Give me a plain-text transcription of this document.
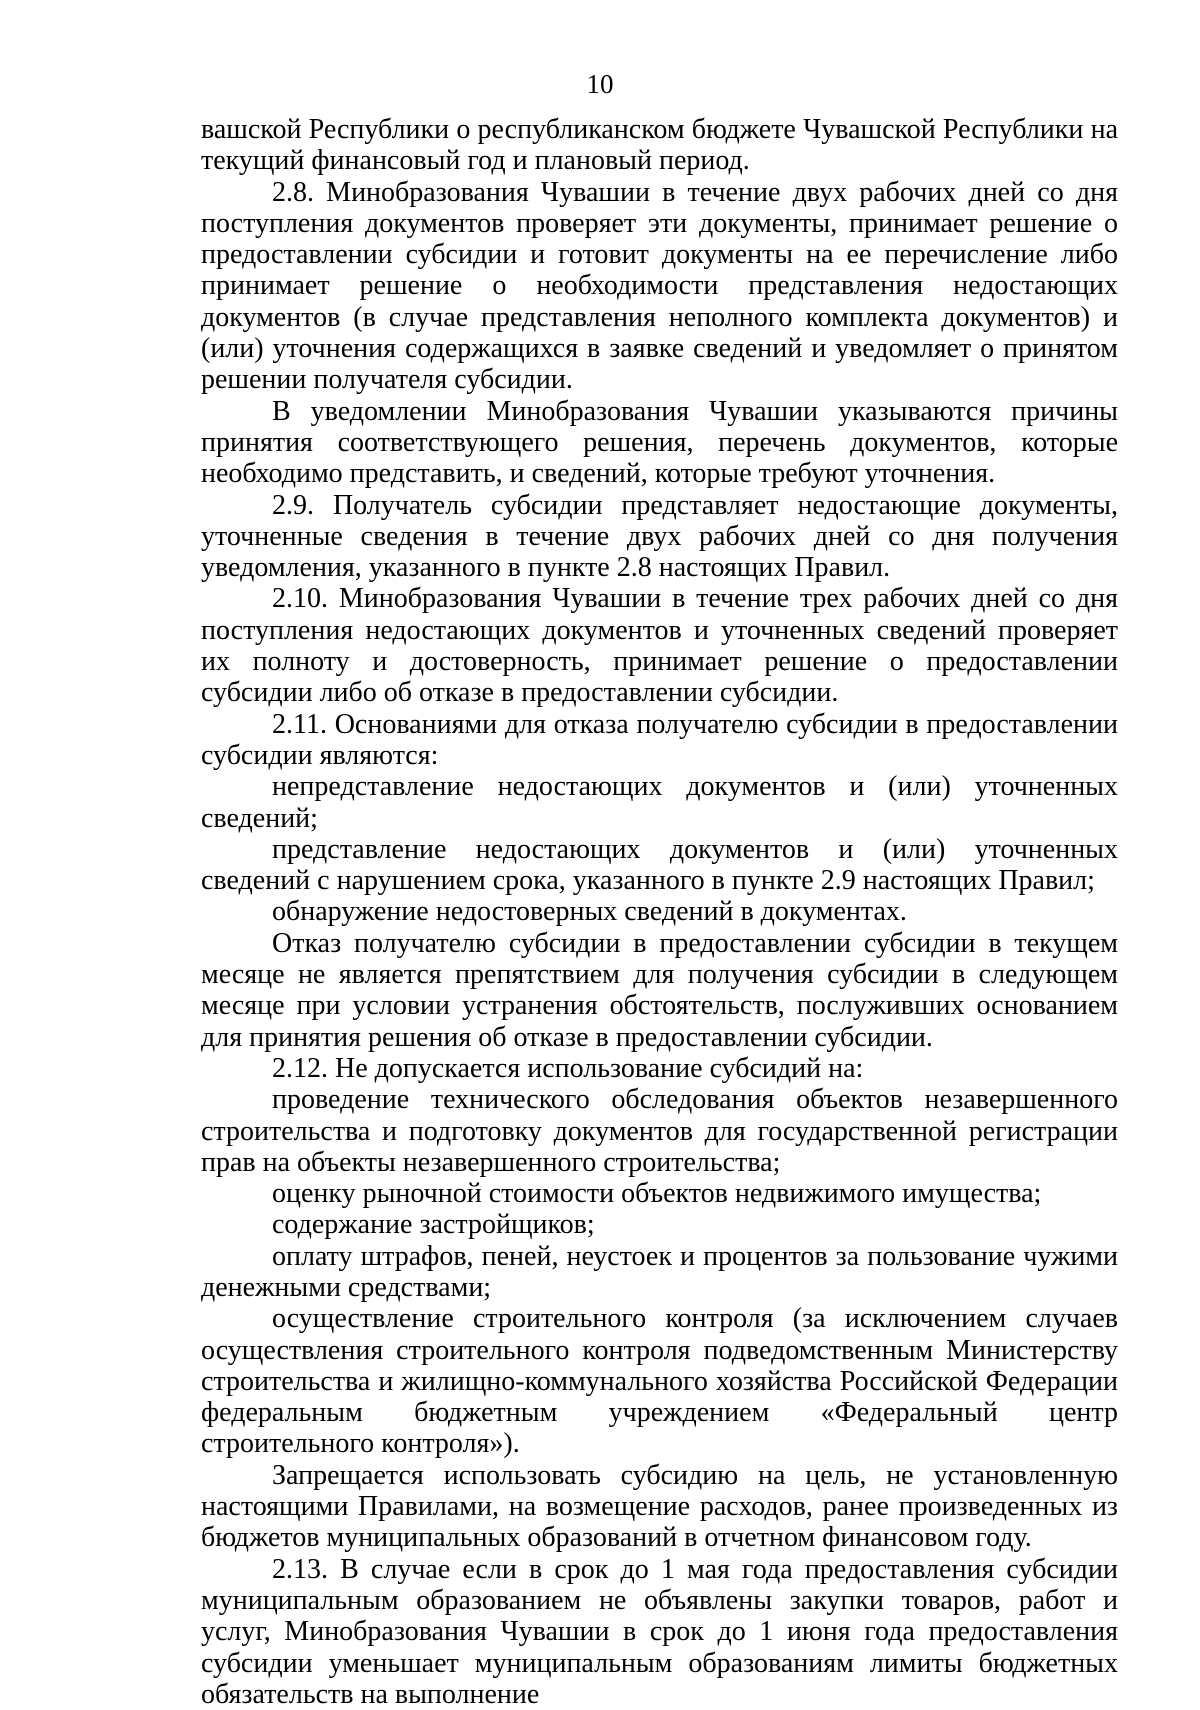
10

вашской Республики о республиканском бюджете Чувашской Республики на текущий финансовый год и плановый период.

2.8. Минобразования Чувашии в течение двух рабочих дней со дня поступления документов проверяет эти документы, принимает решение о предоставлении субсидии и готовит документы на ее перечисление либо принимает решение о необходимости представления недостающих документов (в случае представления неполного комплекта документов) и (или) уточнения содержащихся в заявке сведений и уведомляет о принятом решении получателя субсидии.

В уведомлении Минобразования Чувашии указываются причины принятия соответствующего решения, перечень документов, которые необходимо представить, и сведений, которые требуют уточнения.

2.9. Получатель субсидии представляет недостающие документы, уточненные сведения в течение двух рабочих дней со дня получения уведомления, указанного в пункте 2.8 настоящих Правил.

2.10. Минобразования Чувашии в течение трех рабочих дней со дня поступления недостающих документов и уточненных сведений проверяет их полноту и достоверность, принимает решение о предоставлении субсидии либо об отказе в предоставлении субсидии.

2.11. Основаниями для отказа получателю субсидии в предоставлении субсидии являются:

непредставление недостающих документов и (или) уточненных сведений;

представление недостающих документов и (или) уточненных сведений с нарушением срока, указанного в пункте 2.9 настоящих Правил;

обнаружение недостоверных сведений в документах.

Отказ получателю субсидии в предоставлении субсидии в текущем месяце не является препятствием для получения субсидии в следующем месяце при условии устранения обстоятельств, послуживших основанием для принятия решения об отказе в предоставлении субсидии.

2.12. Не допускается использование субсидий на:

проведение технического обследования объектов незавершенного строительства и подготовку документов для государственной регистрации прав на объекты незавершенного строительства;

оценку рыночной стоимости объектов недвижимого имущества;

содержание застройщиков;

оплату штрафов, пеней, неустоек и процентов за пользование чужими денежными средствами;

осуществление строительного контроля (за исключением случаев осуществления строительного контроля подведомственным Министерству строительства и жилищно-коммунального хозяйства Российской Федерации федеральным бюджетным учреждением «Федеральный центр строительного контроля»).

Запрещается использовать субсидию на цель, не установленную настоящими Правилами, на возмещение расходов, ранее произведенных из бюджетов муниципальных образований в отчетном финансовом году.

2.13. В случае если в срок до 1 мая года предоставления субсидии муниципальным образованием не объявлены закупки товаров, работ и услуг, Минобразования Чувашии в срок до 1 июня года предоставления субсидии уменьшает муниципальным образованиям лимиты бюджетных обязательств на выполнение
